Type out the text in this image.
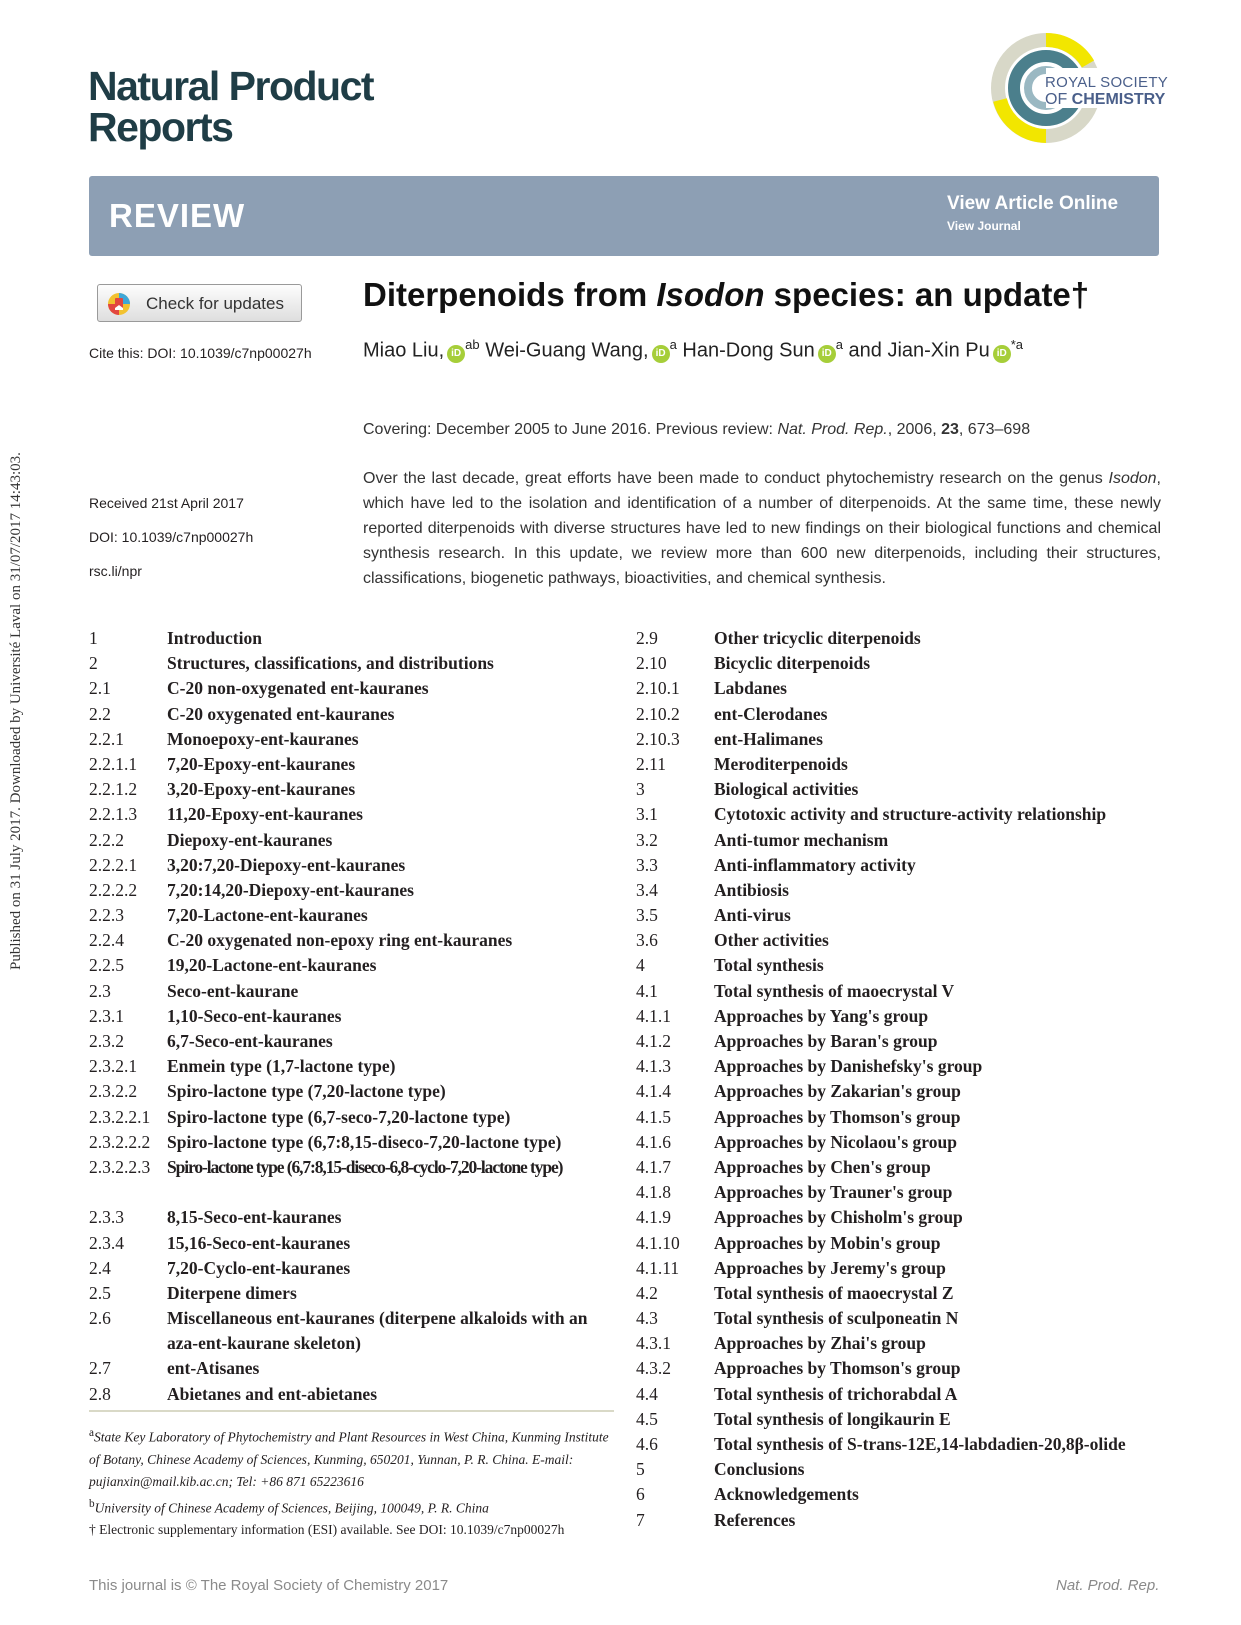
Published on 31 July 2017. Downloaded by Université Laval on 31/07/2017 14:43:03.
Natural Product
Reports
ROYAL SOCIETY
OF CHEMISTRY
REVIEW	View Article Online
View Journal
Check for updates
Cite this: DOI: 10.1039/c7np00027h
Received 21st April 2017
DOI: 10.1039/c7np00027h
rsc.li/npr
Diterpenoids from Isodon species: an update†
Miao Liu, $iD^{ab}$ Wei-Guang Wang, $iD^a$ Han-Dong Sun $iD^a$ and Jian-Xin Pu $iD^{*a}$
Covering: December 2005 to June 2016. Previous review: Nat. Prod. Rep., 2006, 23, 673–698
Over the last decade, great efforts have been made to conduct phytochemistry research on the genus Isodon, which have led to the isolation and identification of a number of diterpenoids. At the same time, these newly reported diterpenoids with diverse structures have led to new findings on their biological functions and chemical synthesis research. In this update, we review more than 600 new diterpenoids, including their structures, classifications, biogenetic pathways, bioactivities, and chemical synthesis.
1	Introduction
2	Structures, classifications, and distributions
2.1	C-20 non-oxygenated ent-kauranes
2.2	C-20 oxygenated ent-kauranes
2.2.1 Monoepoxy-ent-kauranes
2.2.1.1 7,20-Epoxy-ent-kauranes
2.2.1.2 3,20-Epoxy-ent-kauranes
2.2.1.3 11,20-Epoxy-ent-kauranes
2.2.2 Diepoxy-ent-kauranes
2.2.2.1 3,20:7,20-Diepoxy-ent-kauranes
2.2.2.2 7,20:14,20-Diepoxy-ent-kauranes
2.2.3 7,20-Lactone-ent-kauranes
2.2.4 C-20 oxygenated non-epoxy ring ent-kauranes
2.2.5 19,20-Lactone-ent-kauranes
2.3	Seco-ent-kaurane
2.3.1 1,10-Seco-ent-kauranes
2.3.2 6,7-Seco-ent-kauranes
2.3.2.1 Enmein type (1,7-lactone type)
2.3.2.2 Spiro-lactone type (7,20-lactone type)
2.3.2.2.1 Spiro-lactone type (6,7-seco-7,20-lactone type)
2.3.2.2.2 Spiro-lactone type (6,7:8,15-diseco-7,20-lactone type)
2.3.2.2.3 Spiro-lactone type (6,7:8,15-diseco-6,8-cyclo-7,20-lactone type)
2.3.3 8,15-Seco-ent-kauranes
2.3.4 15,16-Seco-ent-kauranes
2.4	7,20-Cyclo-ent-kauranes
2.5	Diterpene dimers
2.6	Miscellaneous ent-kauranes (diterpene alkaloids with an aza-ent-kaurane skeleton)
2.7	ent-Atisanes
2.8	Abietanes and ent-abietanes
2.9	Other tricyclic diterpenoids
2.10	Bicyclic diterpenoids
2.10.1 Labdanes
2.10.2 ent-Clerodanes
2.10.3 ent-Halimanes
2.11	Meroditerpenoids
3	Biological activities
3.1	Cytotoxic activity and structure-activity relationship
3.2	Anti-tumor mechanism
3.3	Anti-inflammatory activity
3.4	Antibiosis
3.5	Anti-virus
3.6	Other activities
4	Total synthesis
4.1	Total synthesis of maoecrystal V
4.1.1 Approaches by Yang's group
4.1.2 Approaches by Baran's group
4.1.3 Approaches by Danishefsky's group
4.1.4 Approaches by Zakarian's group
4.1.5 Approaches by Thomson's group
4.1.6 Approaches by Nicolaou's group
4.1.7 Approaches by Chen's group
4.1.8 Approaches by Trauner's group
4.1.9 Approaches by Chisholm's group
4.1.10 Approaches by Mobin's group
4.1.11 Approaches by Jeremy's group
4.2	Total synthesis of maoecrystal Z
4.3	Total synthesis of sculponeatin N
4.3.1 Approaches by Zhai's group
4.3.2 Approaches by Thomson's group
4.4	Total synthesis of trichorabdal A
4.5	Total synthesis of longikaurin E
4.6	Total synthesis of S-trans-12E,14-labdadien-20,8β-olide
5	Conclusions
6	Acknowledgements
7	References

$^a$State Key Laboratory of Phytochemistry and Plant Resources in West China, Kunming Institute of Botany, Chinese Academy of Sciences, Kunming, 650201, Yunnan, P. R. China. E-mail: pujianxin@mail.kib.ac.cn; Tel: +86 871 65223616

$^b$University of Chinese Academy of Sciences, Beijing, 100049, P. R. China

† Electronic supplementary information (ESI) available. See DOI: 10.1039/c7np00027h

This journal is © The Royal Society of Chemistry 2017	Nat. Prod. Rep.
